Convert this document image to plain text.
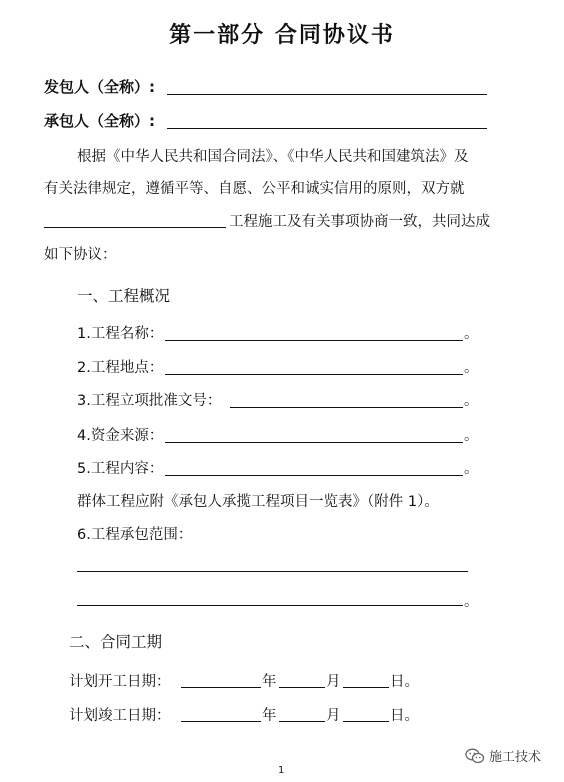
第一部分 合同协议书
发包人（全称）:
承包人（全称）:
根据《中华人民共和国合同法》、《中华人民共和国建筑法》及
有关法律规定，遵循平等、自愿、公平和诚实信用的原则，双方就
工程施工及有关事项协商一致，共同达成
如下协议：
一、工程概况
1.工程名称：	。
2.工程地点：	。
3.工程立项批准文号：	。
4.资金来源：	。
5.工程内容：	。
群体工程应附《承包人承揽工程项目一览表》（附件 1）。
6.工程承包范围：
。
二、合同工期
计划开工日期：	年	月	日。
计划竣工日期：	年	月	日。
施工技术
1
